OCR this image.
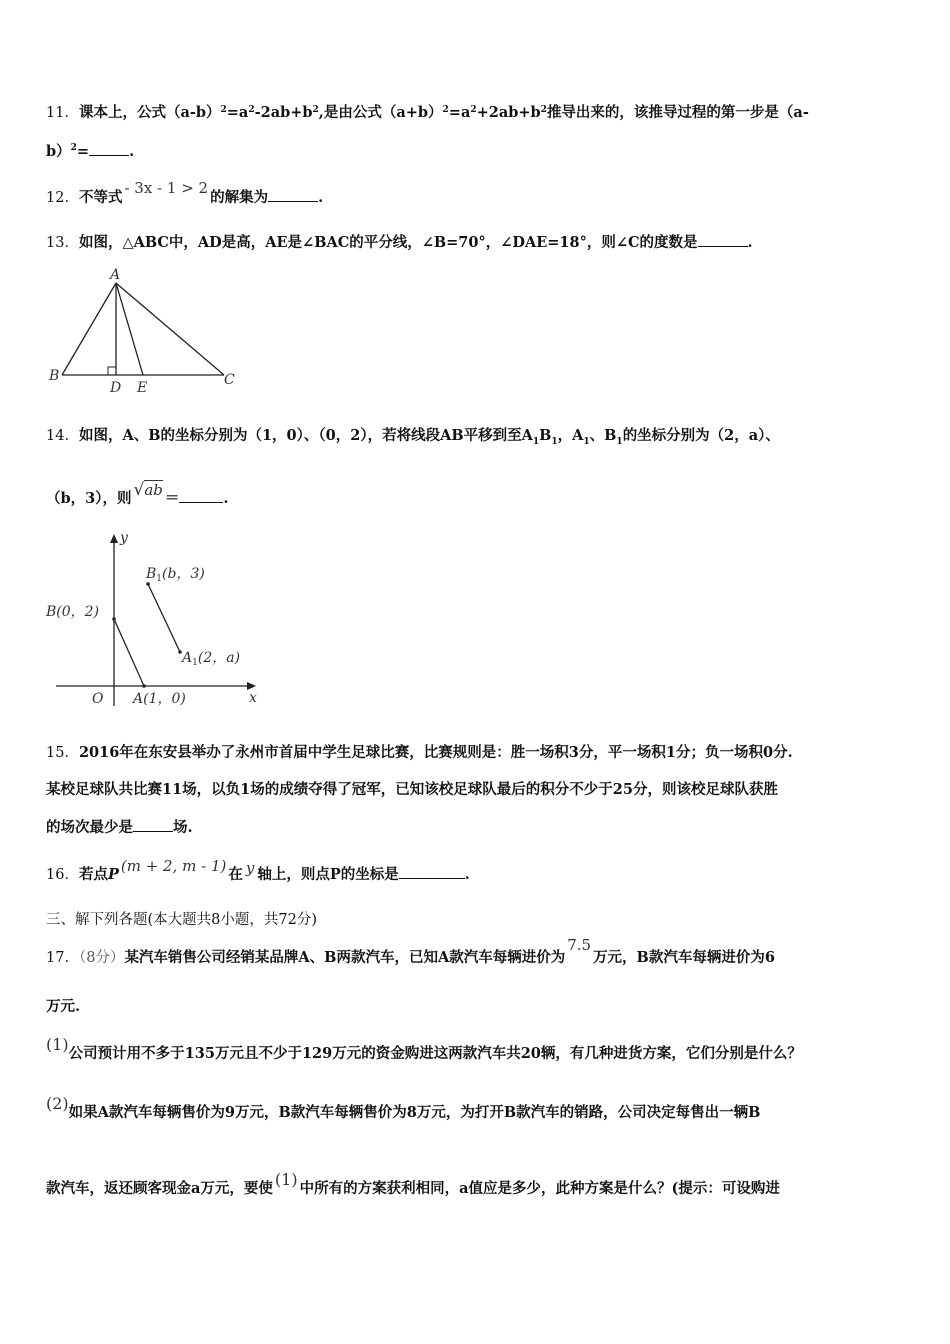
11．课本上，公式$(a-b)^2=a^2-2ab+b^2$,是由公式$(a+b)^2=a^2+2ab+b^2$推导出来的，该推导过程的第一步是（a-
b）$^2$=	.
12．不等式- 3x - 1 > 2的解集为	.
13．如图，△ABC中，AD是高，AE是∠BAC的平分线，∠B=70°，∠DAE=18°，则∠C的度数是	.
A
B	C
D E
14．如图，A、B的坐标分别为（1，0）、（0，2），若将线段AB平移到至$A_1B_1$，$A_1$、$B_1$的坐标分别为（2，a）、
（b，3），则 √ab ＝	.
y
x
O
B(0，2)
A(1，0)
$B_1(b$，3)
$A_1(2$，a)
15．2016年在东安县举办了永州市首届中学生足球比赛，比赛规则是：胜一场积3分，平一场积1分；负一场积0分.
某校足球队共比赛11场，以负1场的成绩夺得了冠军，已知该校足球队最后的积分不少于25分，则该校足球队获胜
的场次最少是	场.
16．若点P (m + 2, m - 1) 在 y 轴上，则点P的坐标是	.
三、解下列各题(本大题共8小题，共72分)
17．（8分）某汽车销售公司经销某品牌A、B两款汽车，已知A款汽车每辆进价为7.5万元，B款汽车每辆进价为6
万元.
(1)公司预计用不多于135万元且不少于129万元的资金购进这两款汽车共20辆，有几种进货方案，它们分别是什么？
(2)如果A款汽车每辆售价为9万元，B款汽车每辆售价为8万元，为打开B款汽车的销路，公司决定每售出一辆B
款汽车，返还顾客现金a万元，要使 (1) 中所有的方案获利相同，a值应是多少，此种方案是什么？(提示：可设购进
